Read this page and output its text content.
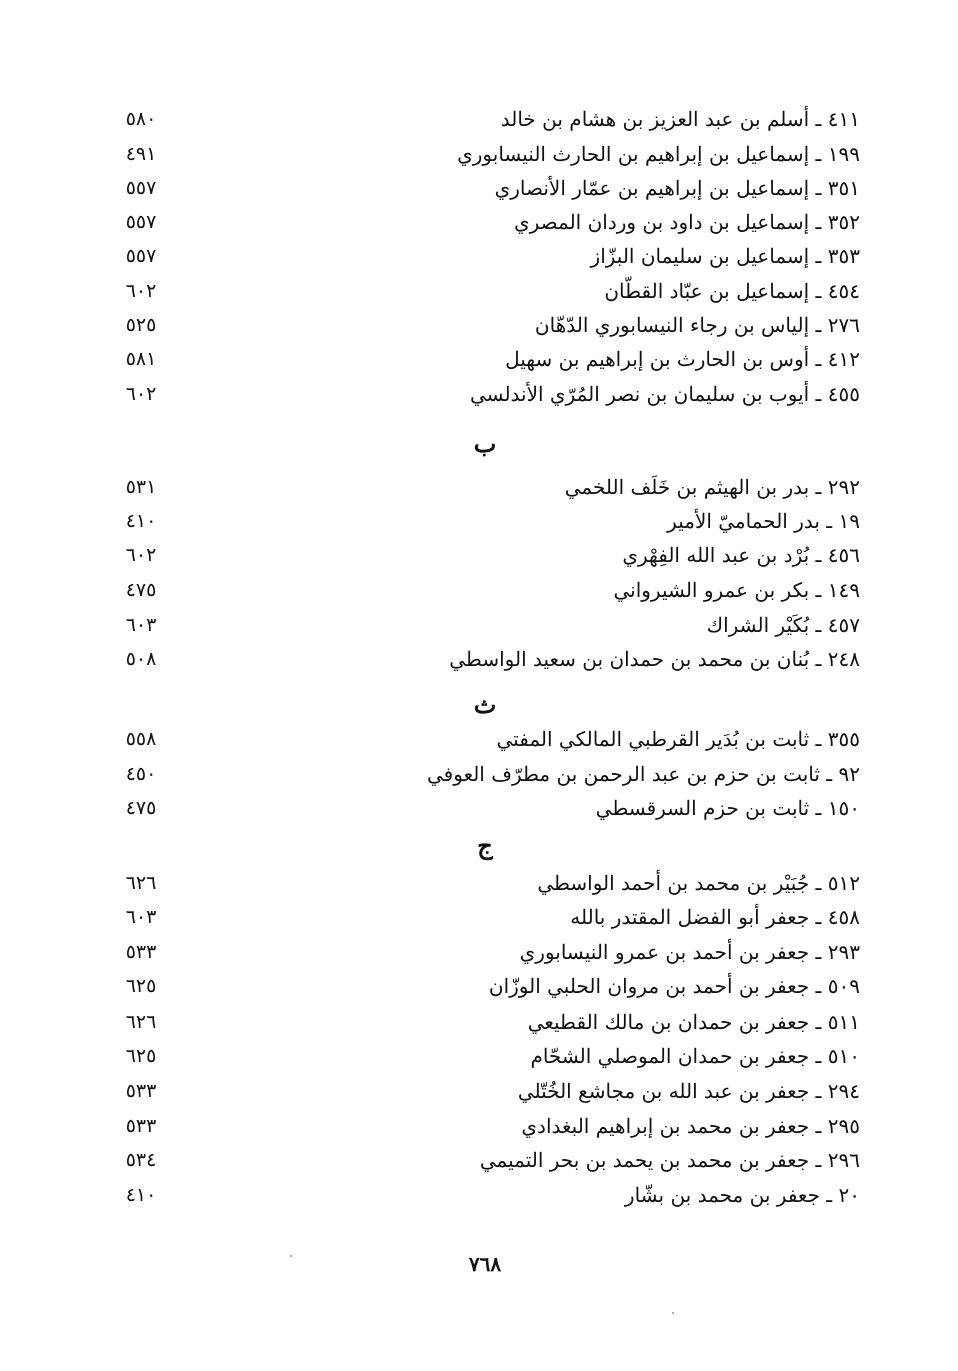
٤١١ ـ أسلم بن عبد العزيز بن هشام بن خالد
٥٨٠
١٩٩ ـ إسماعيل بن إبراهيم بن الحارث النيسابوري
٤٩١
٣٥١ ـ إسماعيل بن إبراهيم بن عمّار الأنصاري
٥٥٧
٣٥٢ ـ إسماعيل بن داود بن وردان المصري
٥٥٧
٣٥٣ ـ إسماعيل بن سليمان البزّاز
٥٥٧
٤٥٤ ـ إسماعيل بن عبّاد القطّان
٦٠٢
٢٧٦ ـ إلياس بن رجاء النيسابوري الدّهّان
٥٢٥
٤١٢ ـ أوس بن الحارث بن إبراهيم بن سهيل
٥٨١
٤٥٥ ـ أيوب بن سليمان بن نصر المُرّي الأندلسي
٦٠٢
ب
٢٩٢ ـ بدر بن الهيثم بن خَلَف اللخمي
٥٣١
١٩ ـ بدر الحماميّ الأمير
٤١٠
٤٥٦ ـ بُرْد بن عبد الله الفِهْري
٦٠٢
١٤٩ ـ بكر بن عمرو الشيرواني
٤٧٥
٤٥٧ ـ بُكَيْر الشراك
٦٠٣
٢٤٨ ـ بُنان بن محمد بن حمدان بن سعيد الواسطي
٥٠٨
ث
٣٥٥ ـ ثابت بن بُدَير القرطبي المالكي المفتي
٥٥٨
٩٢ ـ ثابت بن حزم بن عبد الرحمن بن مطرّف العوفي
٤٥٠
١٥٠ ـ ثابت بن حزم السرقسطي
٤٧٥
ج
٥١٢ ـ جُبَيْر بن محمد بن أحمد الواسطي
٦٢٦
٤٥٨ ـ جعفر أبو الفضل المقتدر بالله
٦٠٣
٢٩٣ ـ جعفر بن أحمد بن عمرو النيسابوري
٥٣٣
٥٠٩ ـ جعفر بن أحمد بن مروان الحلبي الوزّان
٦٢٥
٥١١ ـ جعفر بن حمدان بن مالك القطيعي
٦٢٦
٥١٠ ـ جعفر بن حمدان الموصلي الشحّام
٦٢٥
٢٩٤ ـ جعفر بن عبد الله بن مجاشع الخُتّلي
٥٣٣
٢٩٥ ـ جعفر بن محمد بن إبراهيم البغدادي
٥٣٣
٢٩٦ ـ جعفر بن محمد بن يحمد بن بحر التميمي
٥٣٤
٢٠ ـ جعفر بن محمد بن بشّار
٤١٠
٧٦٨
